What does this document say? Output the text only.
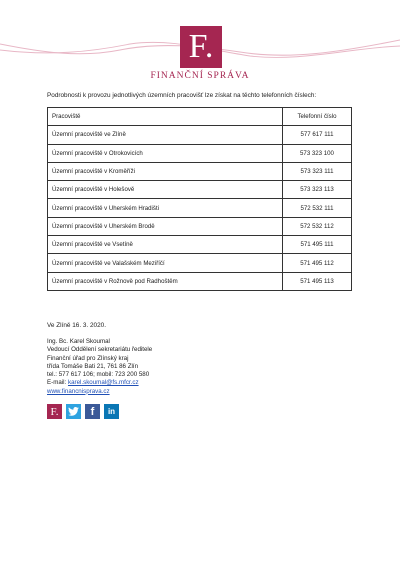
F.
FINANČNÍ SPRÁVA
Podrobnosti k provozu jednotlivých územních pracovišť lze získat na těchto telefonních číslech:
Pracoviště	Telefonní číslo
Územní pracoviště ve Zlíně	577 617 111
Územní pracoviště v Otrokovicích	573 323 100
Územní pracoviště v Kroměříži	573 323 111
Územní pracoviště v Holešově	573 323 113
Územní pracoviště v Uherském Hradišti	572 532 111
Územní pracoviště v Uherském Brodě	572 532 112
Územní pracoviště ve Vsetíně	571 495 111
Územní pracoviště ve Valašském Meziříčí	571 495 112
Územní pracoviště v Rožnově pod Radhoštěm	571 495 113
Ve Zlíně 16. 3. 2020.
Ing. Bc. Karel Skoumal
Vedoucí Oddělení sekretariátu ředitele
Finanční úřad pro Zlínský kraj
třída Tomáše Bati 21, 761 86 Zlín
tel.: 577 617 106; mobil: 723 200 580
E-mail: karel.skoumal@fs.mfcr.cz
www.financnisprava.cz
F.	f in
